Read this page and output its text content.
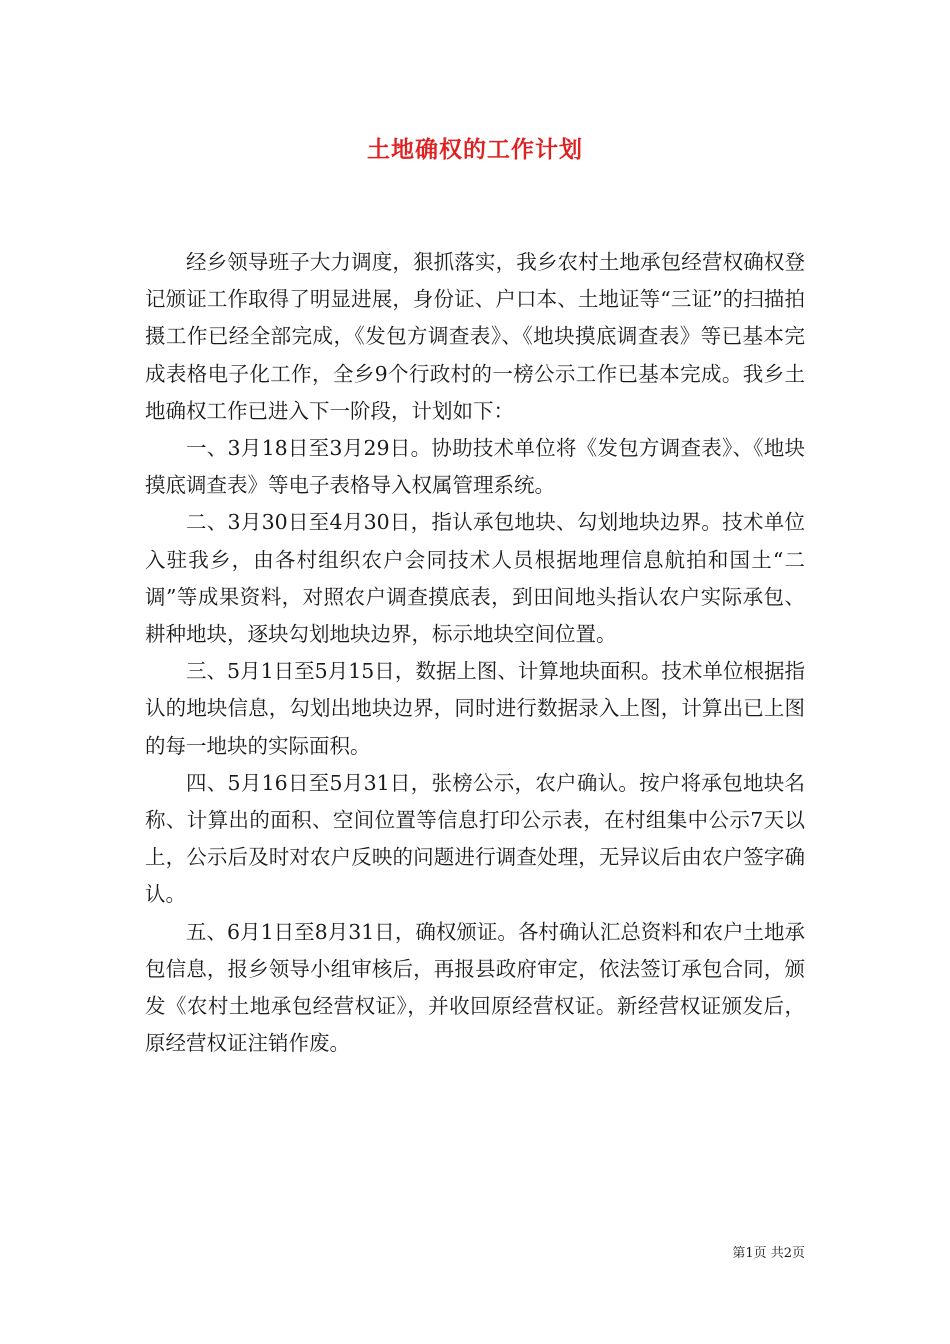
土地确权的工作计划

经乡领导班子大力调度，狠抓落实，我乡农村土地承包经营权确权登记颁证工作取得了明显进展，身份证、户口本、土地证等“三证”的扫描拍摄工作已经全部完成，《发包方调查表》、《地块摸底调查表》等已基本完成表格电子化工作，全乡9个行政村的一榜公示工作已基本完成。我乡土地确权工作已进入下一阶段，计划如下：

一、3月18日至3月29日。协助技术单位将《发包方调查表》、《地块摸底调查表》等电子表格导入权属管理系统。

二、3月30日至4月30日，指认承包地块、勾划地块边界。技术单位入驻我乡，由各村组织农户会同技术人员根据地理信息航拍和国土“二调”等成果资料，对照农户调查摸底表，到田间地头指认农户实际承包、耕种地块，逐块勾划地块边界，标示地块空间位置。

三、5月1日至5月15日，数据上图、计算地块面积。技术单位根据指认的地块信息，勾划出地块边界，同时进行数据录入上图，计算出已上图的每一地块的实际面积。

四、5月16日至5月31日，张榜公示，农户确认。按户将承包地块名称、计算出的面积、空间位置等信息打印公示表，在村组集中公示7天以上，公示后及时对农户反映的问题进行调查处理，无异议后由农户签字确认。

五、6月1日至8月31日，确权颁证。各村确认汇总资料和农户土地承包信息，报乡领导小组审核后，再报县政府审定，依法签订承包合同，颁发《农村土地承包经营权证》，并收回原经营权证。新经营权证颁发后，原经营权证注销作废。

第1页 共2页
